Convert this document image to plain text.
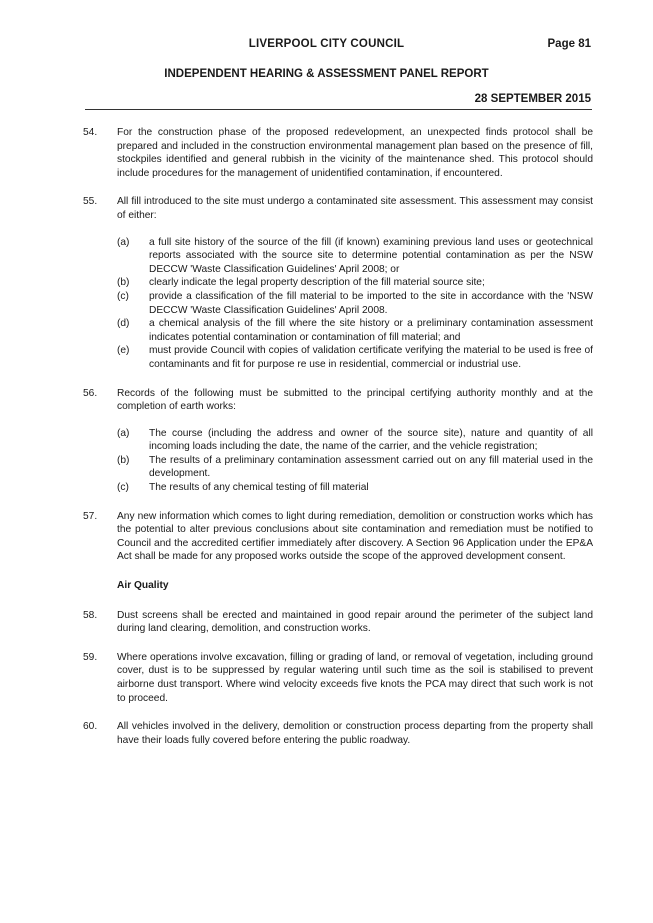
LIVERPOOL CITY COUNCIL	Page 81
INDEPENDENT HEARING & ASSESSMENT PANEL REPORT
28 SEPTEMBER 2015
54.	For the construction phase of the proposed redevelopment, an unexpected finds protocol shall be prepared and included in the construction environmental management plan based on the presence of fill, stockpiles identified and general rubbish in the vicinity of the maintenance shed. This protocol should include procedures for the management of unidentified contamination, if encountered.
55.	All fill introduced to the site must undergo a contaminated site assessment. This assessment may consist of either:

(a)	a full site history of the source of the fill (if known) examining previous land uses or geotechnical reports associated with the source site to determine potential contamination as per the NSW DECCW 'Waste Classification Guidelines' April 2008; or
(b)	clearly indicate the legal property description of the fill material source site;
(c)	provide a classification of the fill material to be imported to the site in accordance with the 'NSW DECCW 'Waste Classification Guidelines' April 2008.
(d)	a chemical analysis of the fill where the site history or a preliminary contamination assessment indicates potential contamination or contamination of fill material; and
(e)	must provide Council with copies of validation certificate verifying the material to be used is free of contaminants and fit for purpose re use in residential, commercial or industrial use.
56.	Records of the following must be submitted to the principal certifying authority monthly and at the completion of earth works:

(a)	The course (including the address and owner of the source site), nature and quantity of all incoming loads including the date, the name of the carrier, and the vehicle registration;
(b)	The results of a preliminary contamination assessment carried out on any fill material used in the development.
(c)	The results of any chemical testing of fill material
57.	Any new information which comes to light during remediation, demolition or construction works which has the potential to alter previous conclusions about site contamination and remediation must be notified to Council and the accredited certifier immediately after discovery. A Section 96 Application under the EP&A Act shall be made for any proposed works outside the scope of the approved development consent.
Air Quality
58.	Dust screens shall be erected and maintained in good repair around the perimeter of the subject land during land clearing, demolition, and construction works.
59.	Where operations involve excavation, filling or grading of land, or removal of vegetation, including ground cover, dust is to be suppressed by regular watering until such time as the soil is stabilised to prevent airborne dust transport. Where wind velocity exceeds five knots the PCA may direct that such work is not to proceed.
60.	All vehicles involved in the delivery, demolition or construction process departing from the property shall have their loads fully covered before entering the public roadway.
